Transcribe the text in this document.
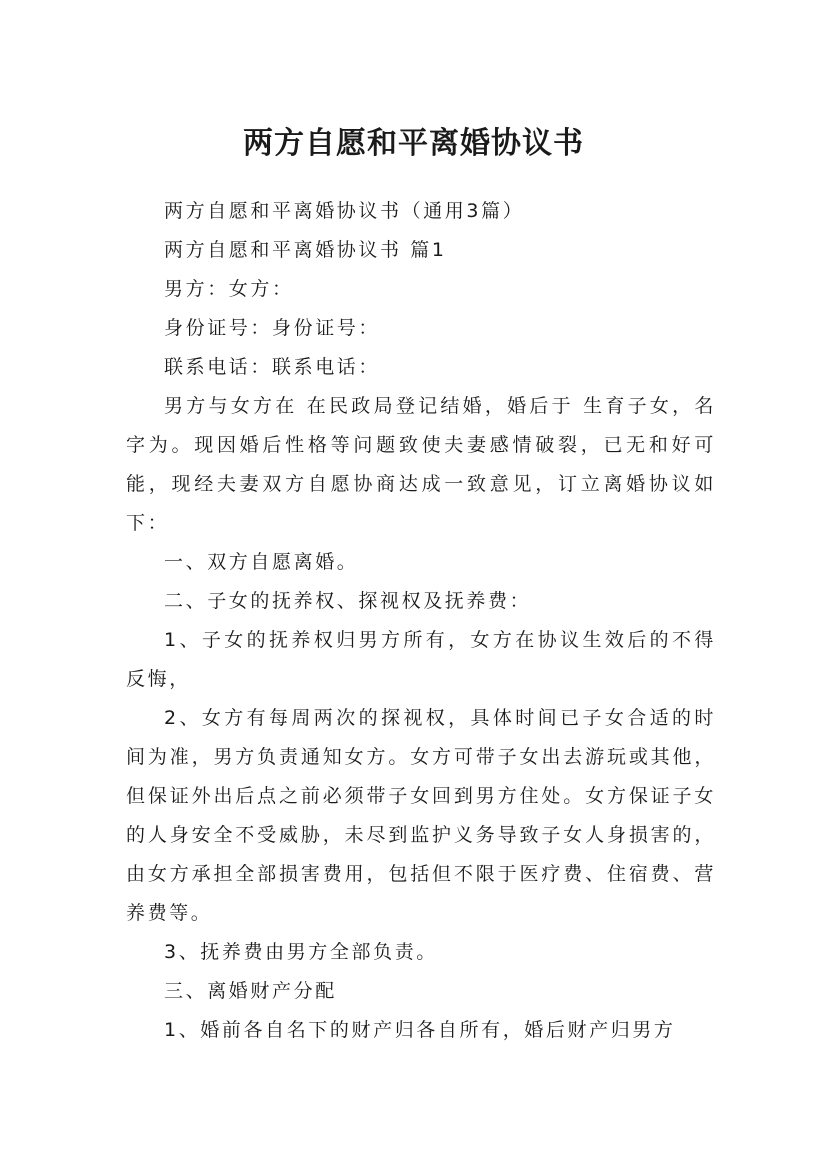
两方自愿和平离婚协议书

两方自愿和平离婚协议书（通用3篇）

两方自愿和平离婚协议书 篇1

男方：女方：

身份证号：身份证号：

联系电话：联系电话：

男方与女方在 在民政局登记结婚，婚后于 生育子女，名字为。现因婚后性格等问题致使夫妻感情破裂，已无和好可能，现经夫妻双方自愿协商达成一致意见，订立离婚协议如下：

一、双方自愿离婚。

二、子女的抚养权、探视权及抚养费：

1、子女的抚养权归男方所有，女方在协议生效后的不得反悔，

2、女方有每周两次的探视权，具体时间已子女合适的时间为准，男方负责通知女方。女方可带子女出去游玩或其他，但保证外出后点之前必须带子女回到男方住处。女方保证子女的人身安全不受威胁，未尽到监护义务导致子女人身损害的，由女方承担全部损害费用，包括但不限于医疗费、住宿费、营养费等。

3、抚养费由男方全部负责。

三、离婚财产分配

1、婚前各自名下的财产归各自所有，婚后财产归男方
